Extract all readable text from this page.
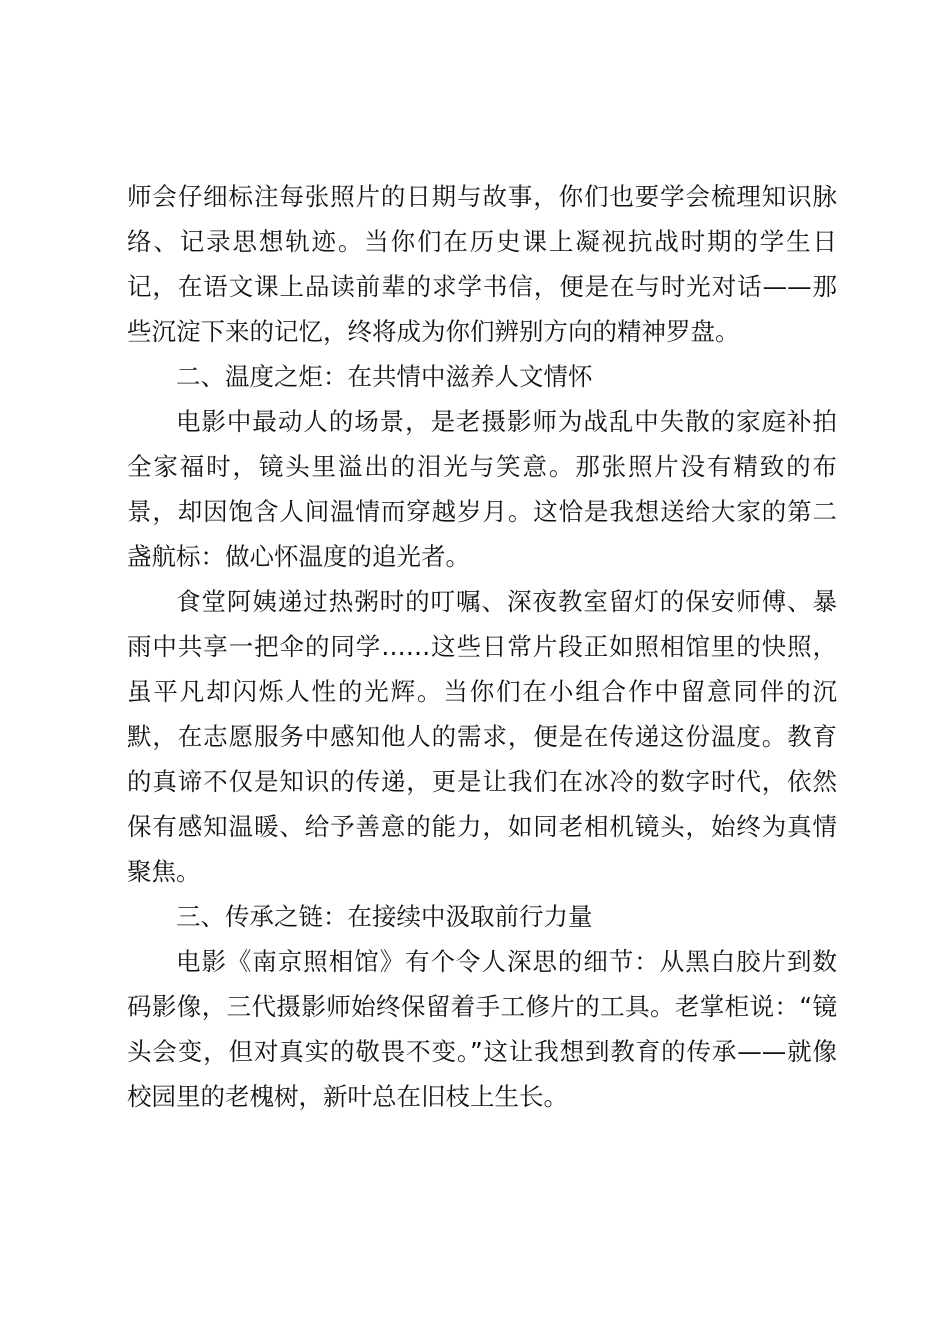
师会仔细标注每张照片的日期与故事，你们也要学会梳理知识脉络、记录思想轨迹。当你们在历史课上凝视抗战时期的学生日记，在语文课上品读前辈的求学书信，便是在与时光对话——那些沉淀下来的记忆，终将成为你们辨别方向的精神罗盘。

二、温度之炬：在共情中滋养人文情怀

电影中最动人的场景，是老摄影师为战乱中失散的家庭补拍全家福时，镜头里溢出的泪光与笑意。那张照片没有精致的布景，却因饱含人间温情而穿越岁月。这恰是我想送给大家的第二盏航标：做心怀温度的追光者。

食堂阿姨递过热粥时的叮嘱、深夜教室留灯的保安师傅、暴雨中共享一把伞的同学……这些日常片段正如照相馆里的快照，虽平凡却闪烁人性的光辉。当你们在小组合作中留意同伴的沉默，在志愿服务中感知他人的需求，便是在传递这份温度。教育的真谛不仅是知识的传递，更是让我们在冰冷的数字时代，依然保有感知温暖、给予善意的能力，如同老相机镜头，始终为真情聚焦。

三、传承之链：在接续中汲取前行力量

电影《南京照相馆》有个令人深思的细节：从黑白胶片到数码影像，三代摄影师始终保留着手工修片的工具。老掌柜说：“镜头会变，但对真实的敬畏不变。”这让我想到教育的传承——就像校园里的老槐树，新叶总在旧枝上生长。
